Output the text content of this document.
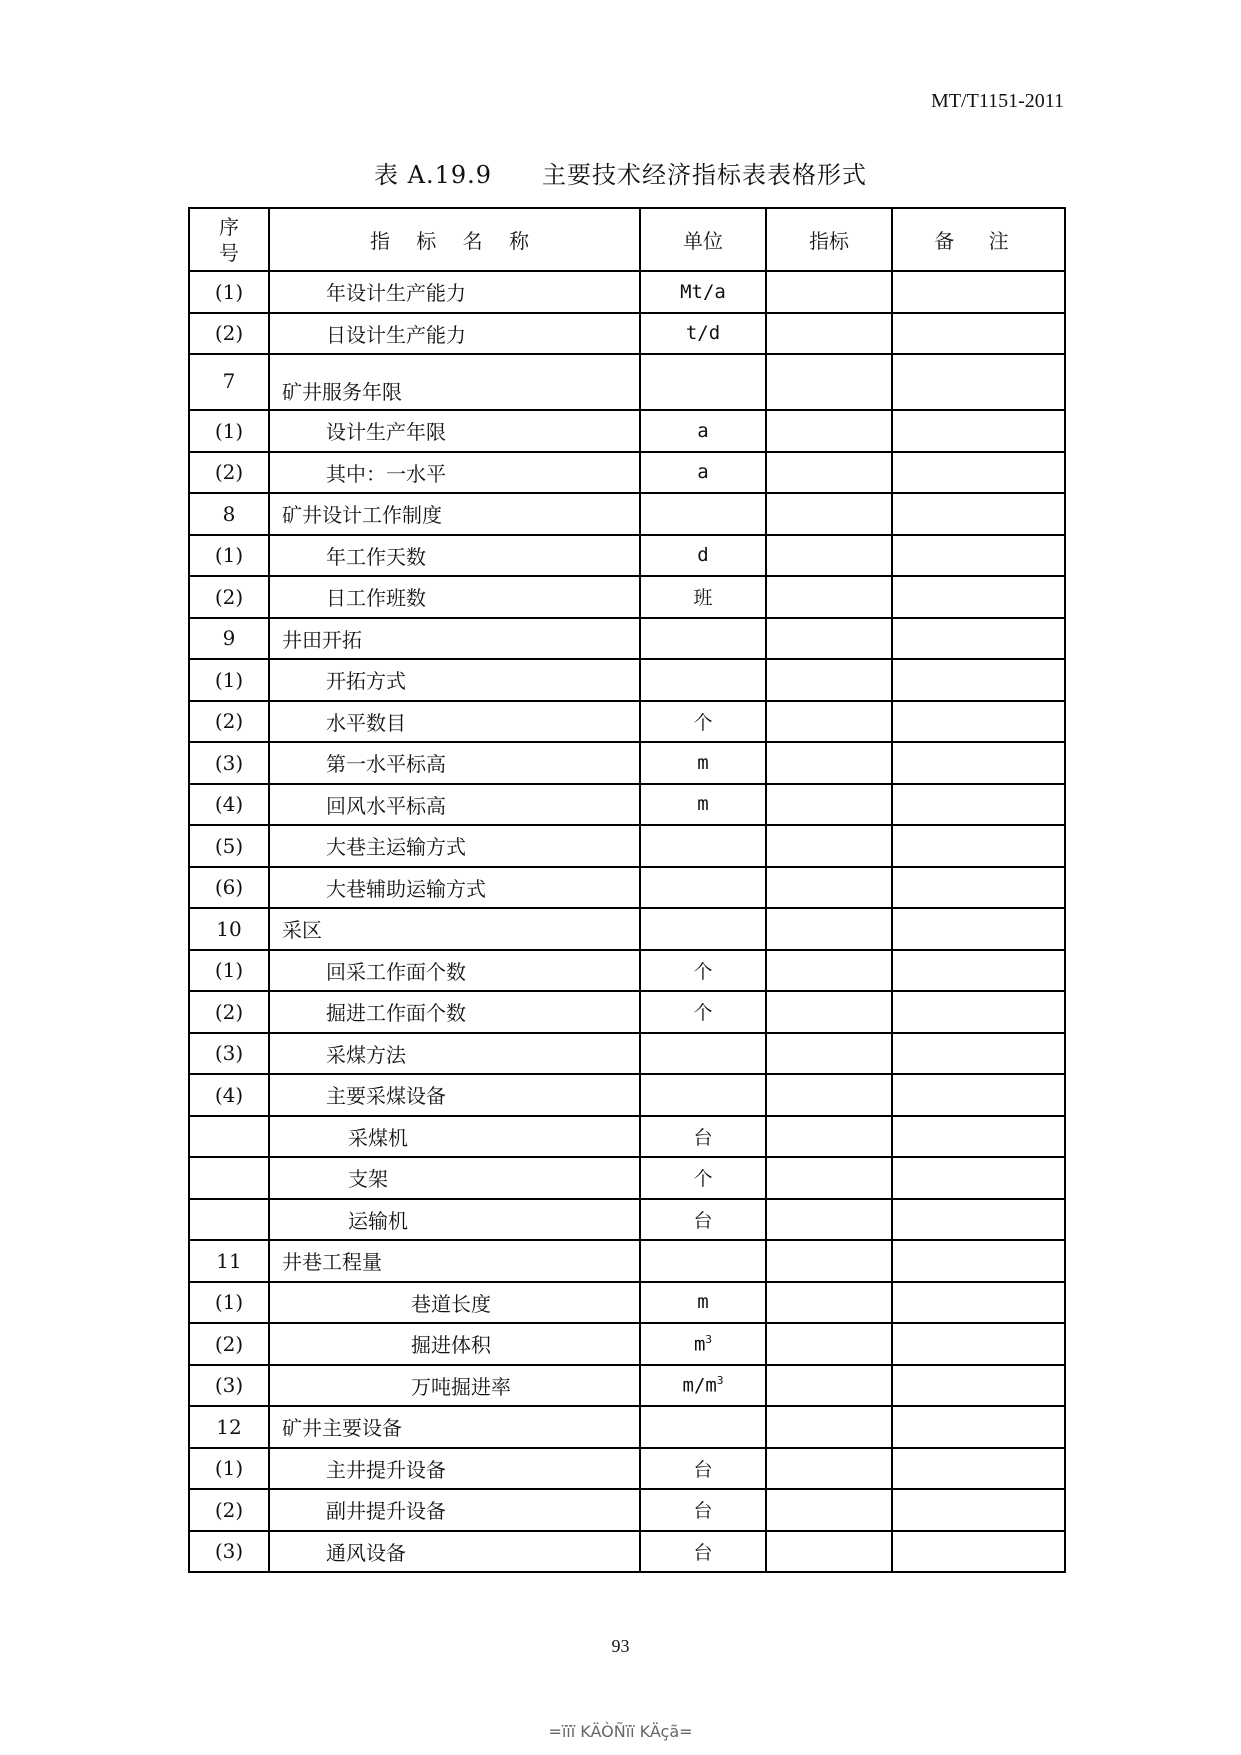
MT/T1151-2011
表 A.19.9　　主要技术经济指标表表格形式
序
号	指 标 名 称	单位	指标	备 注
(1)	年设计生产能力	Mt/a		
(2)	日设计生产能力	t/d		
7	矿井服务年限			
(1)	设计生产年限	a		
(2)	其中：一水平	a		
8	矿井设计工作制度			
(1)	年工作天数	d		
(2)	日工作班数	班		
9	井田开拓			
(1)	开拓方式			
(2)	水平数目	个		
(3)	第一水平标高	m		
(4)	回风水平标高	m		
(5)	大巷主运输方式			
(6)	大巷辅助运输方式			
10	采区			
(1)	回采工作面个数	个		
(2)	掘进工作面个数	个		
(3)	采煤方法			
(4)	主要采煤设备			
	采煤机	台		
	支架	个		
	运输机	台		
11	井巷工程量			
(1)	巷道长度	m		
(2)	掘进体积	$m^3$		
(3)	万吨掘进率	$m/m^3$		
12	矿井主要设备			
(1)	主井提升设备	台		
(2)	副井提升设备	台		
(3)	通风设备	台		
93
=ïïï KÄÒÑïï KÄçã=
